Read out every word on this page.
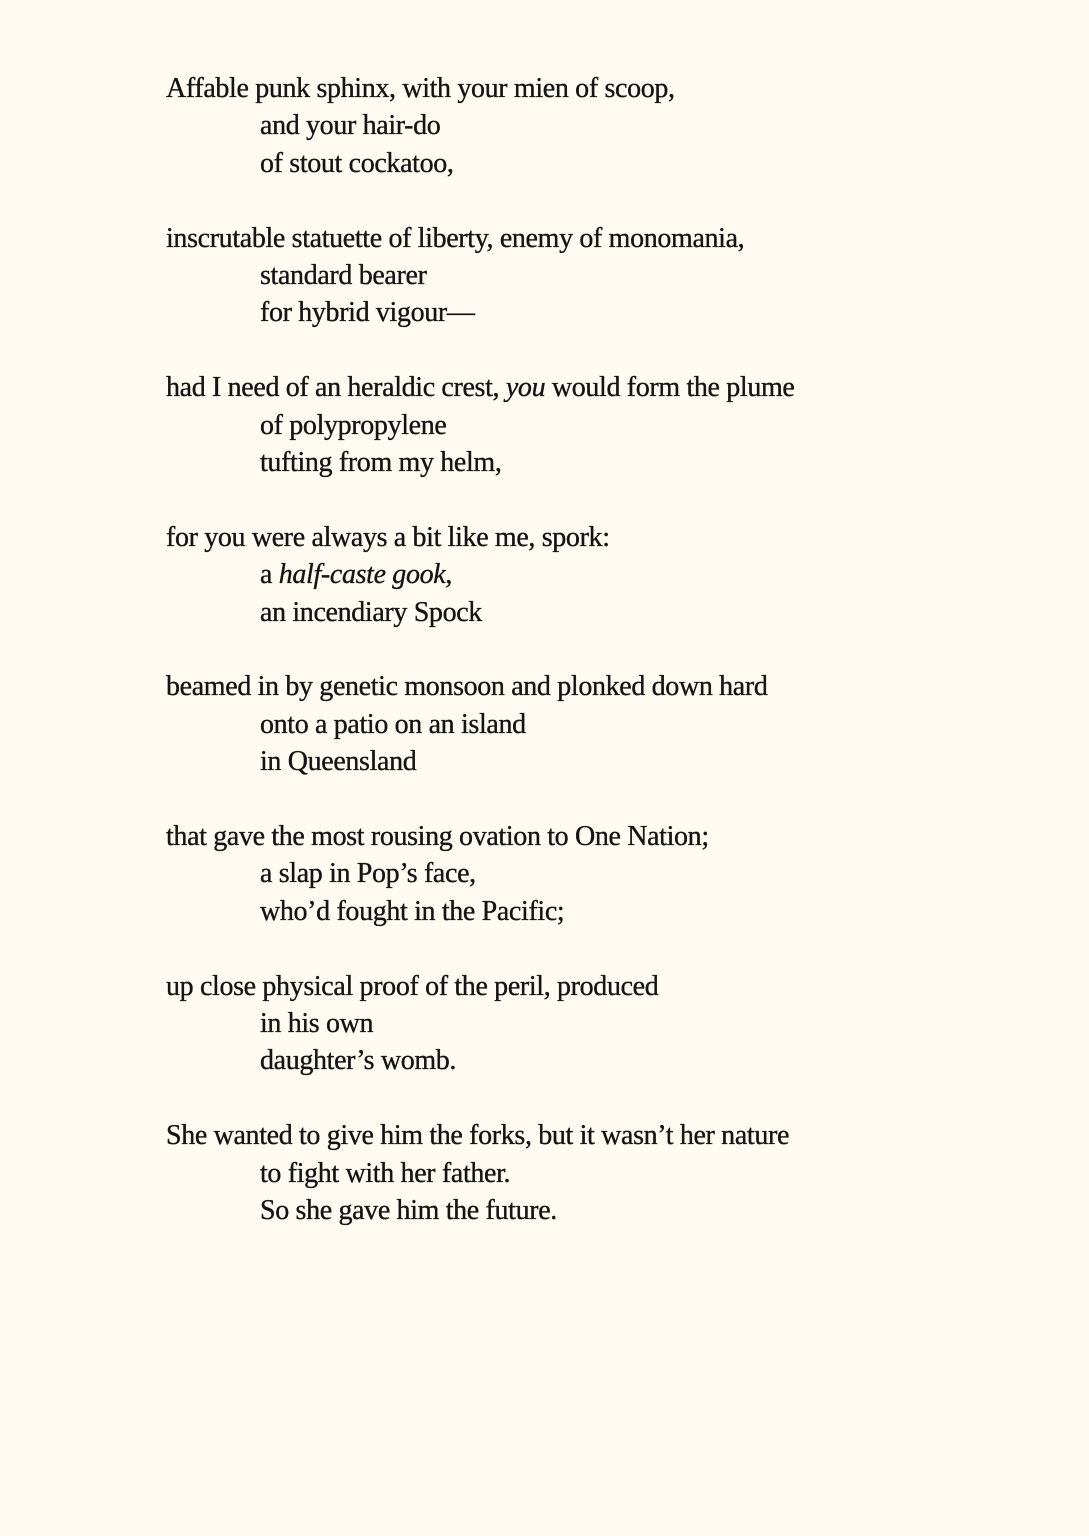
Affable punk sphinx, with your mien of scoop,
and your hair-do
of stout cockatoo,
inscrutable statuette of liberty, enemy of monomania,
standard bearer
for hybrid vigour—
had I need of an heraldic crest, you would form the plume
of polypropylene
tufting from my helm,
for you were always a bit like me, spork:
a half-caste gook,
an incendiary Spock
beamed in by genetic monsoon and plonked down hard
onto a patio on an island
in Queensland
that gave the most rousing ovation to One Nation;
a slap in Pop’s face,
who’d fought in the Pacific;
up close physical proof of the peril, produced
in his own
daughter’s womb.
She wanted to give him the forks, but it wasn’t her nature
to fight with her father.
So she gave him the future.
